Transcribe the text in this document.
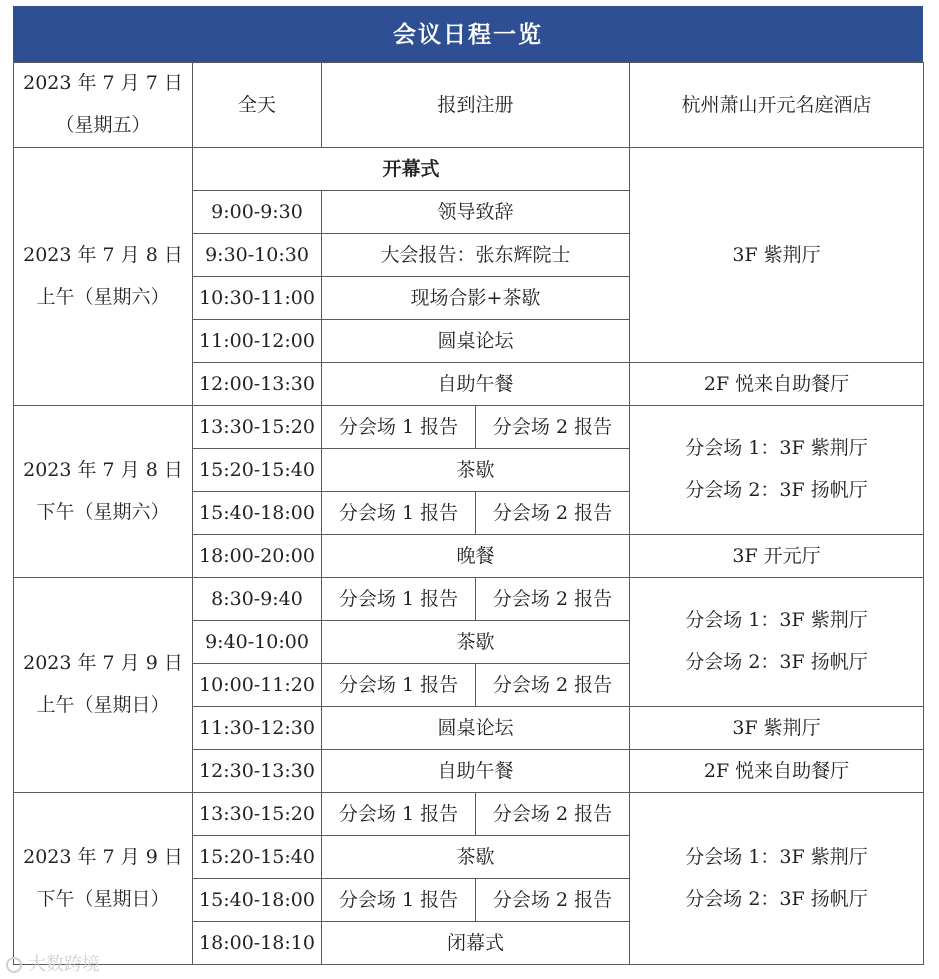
会议日程一览
2023 年 7 月 7 日
（星期五）	全天	报到注册		杭州萧山开元名庭酒店
2023 年 7 月 8 日
上午（星期六）	开幕式			3F 紫荆厅
	9:00-9:30	领导致辞		
	9:30-10:30	大会报告：张东辉院士		
	10:30-11:00	现场合影+茶歇		
	11:00-12:00	圆桌论坛		
	12:00-13:30	自助午餐		2F 悦来自助餐厅
2023 年 7 月 8 日
下午（星期六）	13:30-15:20	分会场 1 报告	分会场 2 报告	分会场 1：3F 紫荆厅
分会场 2：3F 扬帆厅
	15:20-15:40	茶歇		
	15:40-18:00	分会场 1 报告	分会场 2 报告	
	18:00-20:00	晚餐		3F 开元厅
2023 年 7 月 9 日
上午（星期日）	8:30-9:40	分会场 1 报告	分会场 2 报告	分会场 1：3F 紫荆厅
分会场 2：3F 扬帆厅
	9:40-10:00	茶歇		
	10:00-11:20	分会场 1 报告	分会场 2 报告	
	11:30-12:30	圆桌论坛		3F 紫荆厅
	12:30-13:30	自助午餐		2F 悦来自助餐厅
2023 年 7 月 9 日
下午（星期日）	13:30-15:20	分会场 1 报告	分会场 2 报告	分会场 1：3F 紫荆厅
分会场 2：3F 扬帆厅
	15:20-15:40	茶歇		
	15:40-18:00	分会场 1 报告	分会场 2 报告	
	18:00-18:10	闭幕式		
大数跨境
